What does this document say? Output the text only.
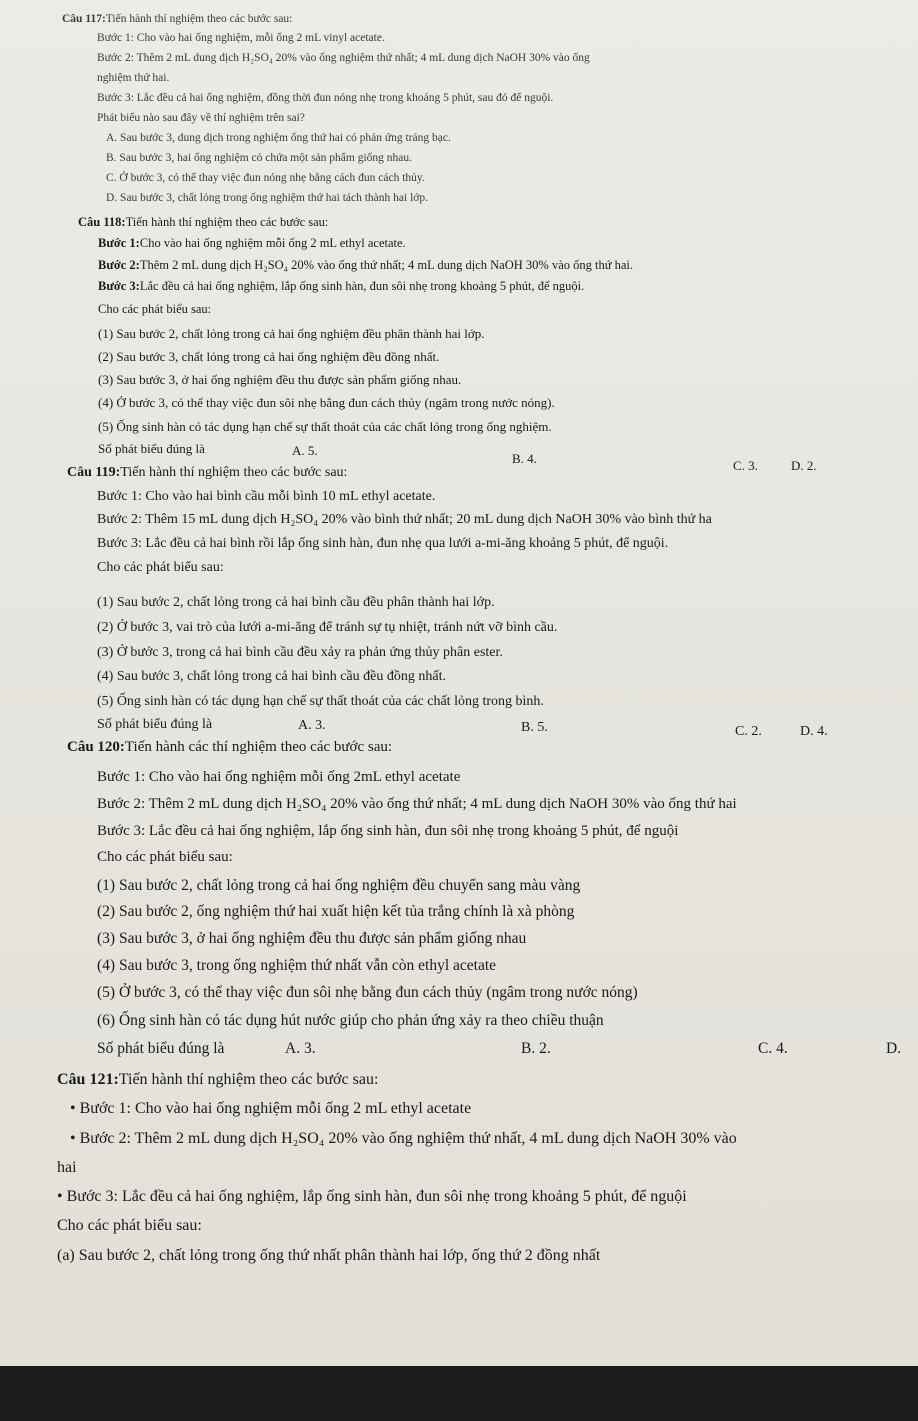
Câu 117: Tiến hành thí nghiệm theo các bước sau:
Bước 1: Cho vào hai ống nghiệm, mỗi ống 2 mL vinyl acetate.
Bước 2: Thêm 2 mL dung dịch H₂SO₄ 20% vào ống nghiệm thứ nhất; 4 mL dung dịch NaOH 30% vào ống
nghiệm thứ hai.
Bước 3: Lắc đều cả hai ống nghiệm, đồng thời đun nóng nhẹ trong khoảng 5 phút, sau đó để nguội.
Phát biểu nào sau đây về thí nghiệm trên sai?
A. Sau bước 3, dung dịch trong nghiệm ống thứ hai có phản ứng tráng bạc.
B. Sau bước 3, hai ống nghiệm có chứa một sản phẩm giống nhau.
C. Ở bước 3, có thể thay việc đun nóng nhẹ bằng cách đun cách thủy.
D. Sau bước 3, chất lỏng trong ống nghiệm thứ hai tách thành hai lớp.
Câu 118: Tiến hành thí nghiệm theo các bước sau:
Bước 1: Cho vào hai ống nghiệm mỗi ống 2 mL ethyl acetate.
Bước 2: Thêm 2 mL dung dịch H₂SO₄ 20% vào ống thứ nhất; 4 mL dung dịch NaOH 30% vào ống thứ hai.
Bước 3: Lắc đều cả hai ống nghiệm, lắp ống sinh hàn, đun sôi nhẹ trong khoảng 5 phút, để nguội.
Cho các phát biểu sau:
(1) Sau bước 2, chất lỏng trong cả hai ống nghiệm đều phân thành hai lớp.
(2) Sau bước 3, chất lỏng trong cả hai ống nghiệm đều đồng nhất.
(3) Sau bước 3, ở hai ống nghiệm đều thu được sản phẩm giống nhau.
(4) Ở bước 3, có thể thay việc đun sôi nhẹ bằng đun cách thủy (ngâm trong nước nóng).
(5) Ống sinh hàn có tác dụng hạn chế sự thất thoát của các chất lỏng trong ống nghiệm.
Số phát biểu đúng là	A. 5.
B. 4.	C. 3.	D. 2.
Câu 119: Tiến hành thí nghiệm theo các bước sau:
Bước 1: Cho vào hai bình cầu mỗi bình 10 mL ethyl acetate.
Bước 2: Thêm 15 mL dung dịch H₂SO₄ 20% vào bình thứ nhất; 20 mL dung dịch NaOH 30% vào bình thứ ha
Bước 3: Lắc đều cả hai bình rồi lắp ống sinh hàn, đun nhẹ qua lưới a-mi-ăng khoảng 5 phút, để nguội.
Cho các phát biểu sau:
(1) Sau bước 2, chất lỏng trong cả hai bình cầu đều phân thành hai lớp.
(2) Ở bước 3, vai trò của lưới a-mi-ăng để tránh sự tụ nhiệt, tránh nứt vỡ bình cầu.
(3) Ở bước 3, trong cả hai bình cầu đều xảy ra phản ứng thủy phân ester.
(4) Sau bước 3, chất lỏng trong cả hai bình cầu đều đồng nhất.
(5) Ống sinh hàn có tác dụng hạn chế sự thất thoát của các chất lỏng trong bình.
Số phát biểu đúng là	A. 3.	B. 5.	C. 2.	D. 4.
Câu 120: Tiến hành các thí nghiệm theo các bước sau:
Bước 1: Cho vào hai ống nghiệm mỗi ống 2mL ethyl acetate
Bước 2: Thêm 2 mL dung dịch H₂SO₄ 20% vào ống thứ nhất; 4 mL dung dịch NaOH 30% vào ống thứ hai
Bước 3: Lắc đều cả hai ống nghiệm, lắp ống sinh hàn, đun sôi nhẹ trong khoảng 5 phút, để nguội
Cho các phát biểu sau:
(1) Sau bước 2, chất lỏng trong cả hai ống nghiệm đều chuyển sang màu vàng
(2) Sau bước 2, ống nghiệm thứ hai xuất hiện kết tủa trắng chính là xà phòng
(3) Sau bước 3, ở hai ống nghiệm đều thu được sản phẩm giống nhau
(4) Sau bước 3, trong ống nghiệm thứ nhất vẫn còn ethyl acetate
(5) Ở bước 3, có thể thay việc đun sôi nhẹ bằng đun cách thủy (ngâm trong nước nóng)
(6) Ống sinh hàn có tác dụng hút nước giúp cho phản ứng xảy ra theo chiều thuận
Số phát biểu đúng là	A. 3.	B. 2.	C. 4.	D.
Câu 121: Tiến hành thí nghiệm theo các bước sau:
• Bước 1: Cho vào hai ống nghiệm mỗi ống 2 mL ethyl acetate
• Bước 2: Thêm 2 mL dung dịch H₂SO₄ 20% vào ống nghiệm thứ nhất, 4 mL dung dịch NaOH 30% vào
hai
• Bước 3: Lắc đều cả hai ống nghiệm, lắp ống sinh hàn, đun sôi nhẹ trong khoảng 5 phút, để nguội
Cho các phát biểu sau:
(a) Sau bước 2, chất lỏng trong ống thứ nhất phân thành hai lớp, ống thứ 2 đồng nhất
